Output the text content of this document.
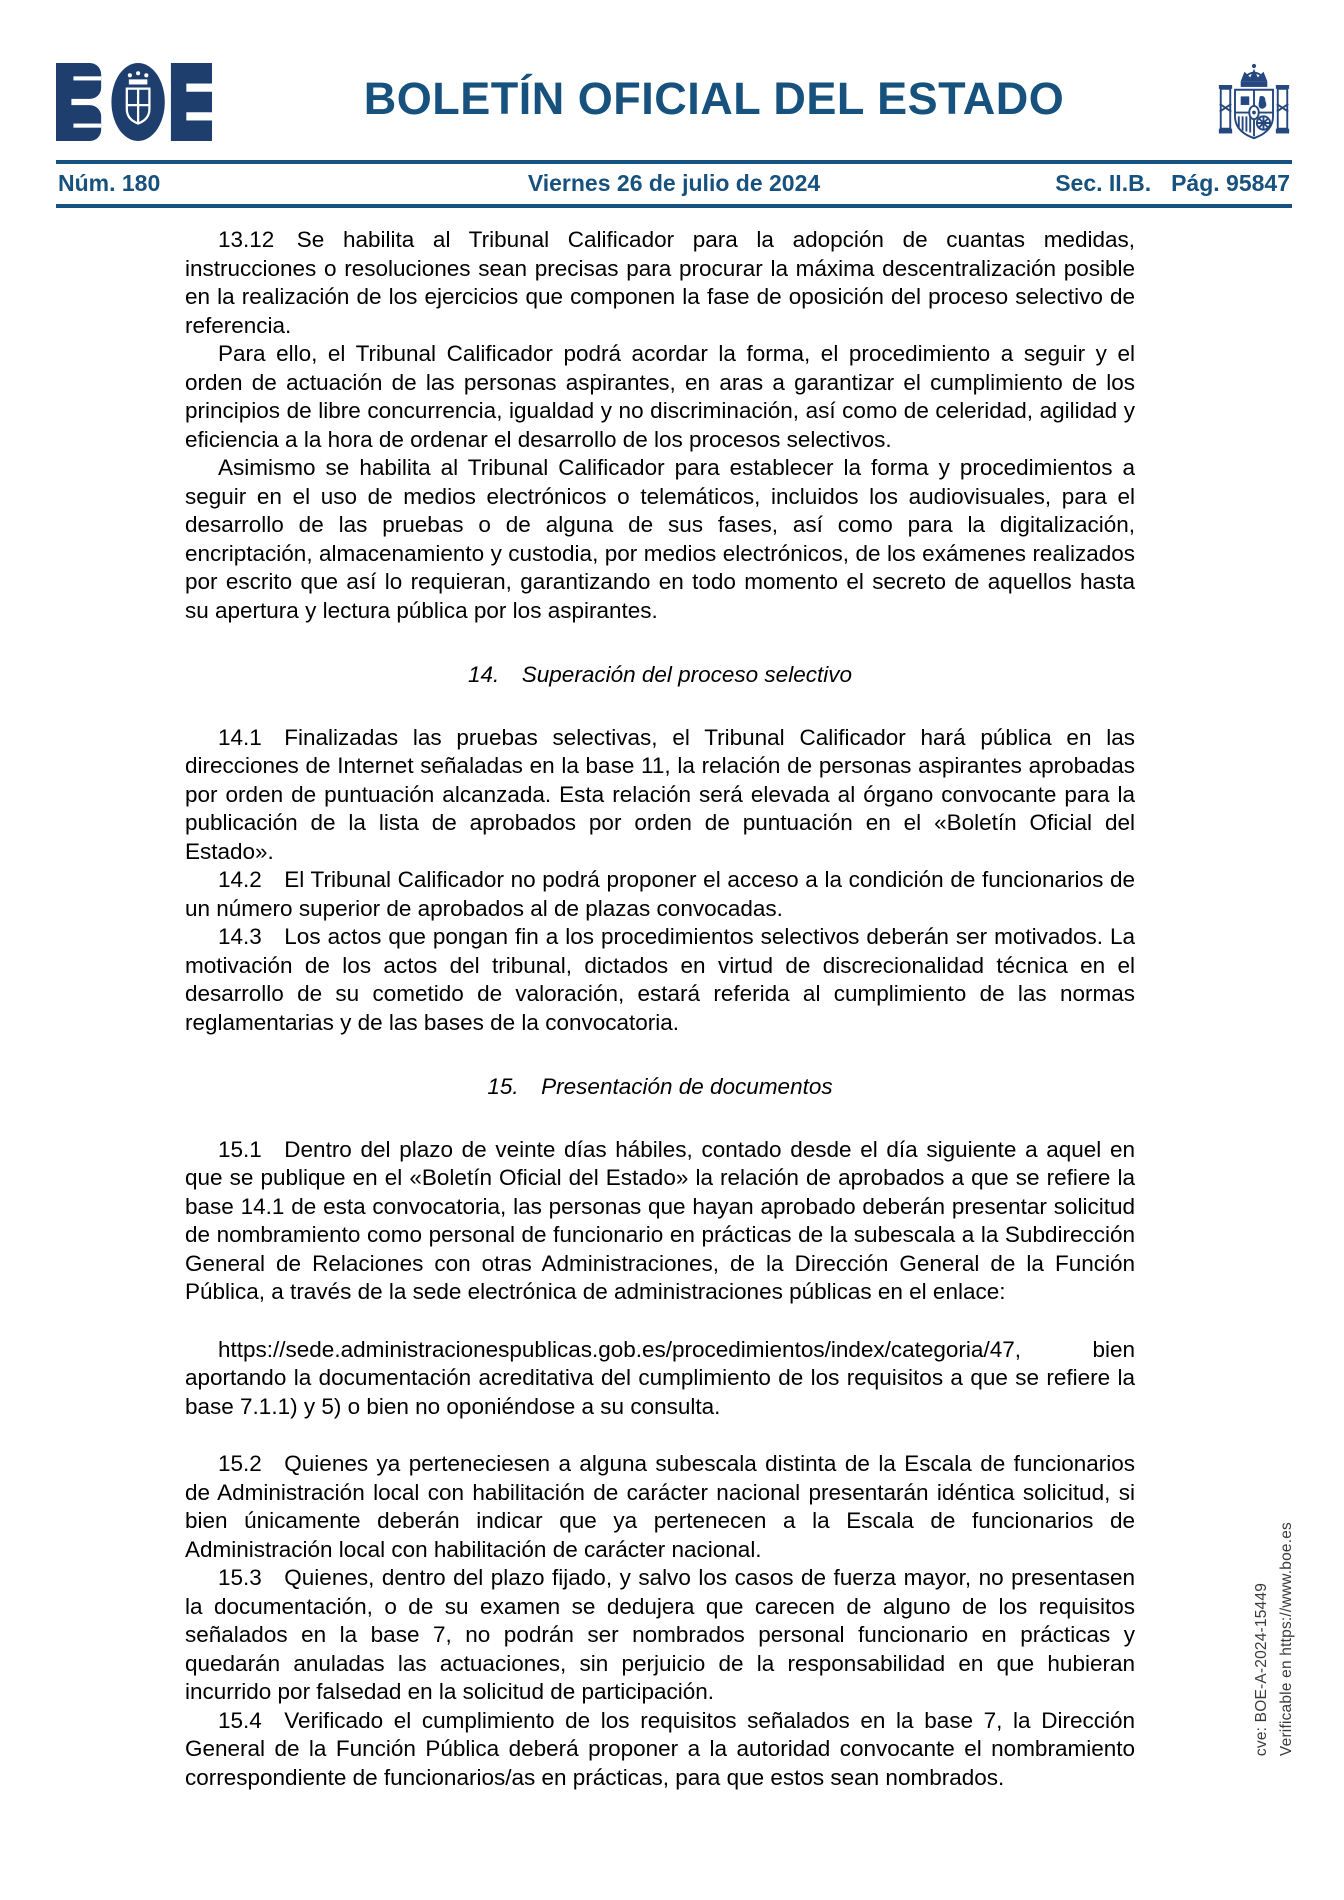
BOLETÍN OFICIAL DEL ESTADO
Núm. 180	Viernes 26 de julio de 2024	Sec. II.B. Pág. 95847

13.12 Se habilita al Tribunal Calificador para la adopción de cuantas medidas, instrucciones o resoluciones sean precisas para procurar la máxima descentralización posible en la realización de los ejercicios que componen la fase de oposición del proceso selectivo de referencia.

Para ello, el Tribunal Calificador podrá acordar la forma, el procedimiento a seguir y el orden de actuación de las personas aspirantes, en aras a garantizar el cumplimiento de los principios de libre concurrencia, igualdad y no discriminación, así como de celeridad, agilidad y eficiencia a la hora de ordenar el desarrollo de los procesos selectivos.

Asimismo se habilita al Tribunal Calificador para establecer la forma y procedimientos a seguir en el uso de medios electrónicos o telemáticos, incluidos los audiovisuales, para el desarrollo de las pruebas o de alguna de sus fases, así como para la digitalización, encriptación, almacenamiento y custodia, por medios electrónicos, de los exámenes realizados por escrito que así lo requieran, garantizando en todo momento el secreto de aquellos hasta su apertura y lectura pública por los aspirantes.

14. Superación del proceso selectivo

14.1 Finalizadas las pruebas selectivas, el Tribunal Calificador hará pública en las direcciones de Internet señaladas en la base 11, la relación de personas aspirantes aprobadas por orden de puntuación alcanzada. Esta relación será elevada al órgano convocante para la publicación de la lista de aprobados por orden de puntuación en el «Boletín Oficial del Estado».

14.2 El Tribunal Calificador no podrá proponer el acceso a la condición de funcionarios de un número superior de aprobados al de plazas convocadas.

14.3 Los actos que pongan fin a los procedimientos selectivos deberán ser motivados. La motivación de los actos del tribunal, dictados en virtud de discrecionalidad técnica en el desarrollo de su cometido de valoración, estará referida al cumplimiento de las normas reglamentarias y de las bases de la convocatoria.

15. Presentación de documentos

15.1 Dentro del plazo de veinte días hábiles, contado desde el día siguiente a aquel en que se publique en el «Boletín Oficial del Estado» la relación de aprobados a que se refiere la base 14.1 de esta convocatoria, las personas que hayan aprobado deberán presentar solicitud de nombramiento como personal de funcionario en prácticas de la subescala a la Subdirección General de Relaciones con otras Administraciones, de la Dirección General de la Función Pública, a través de la sede electrónica de administraciones públicas en el enlace:

https://sede.administracionespublicas.gob.es/procedimientos/index/categoria/47, bien aportando la documentación acreditativa del cumplimiento de los requisitos a que se refiere la base 7.1.1) y 5) o bien no oponiéndose a su consulta.

15.2 Quienes ya perteneciesen a alguna subescala distinta de la Escala de funcionarios de Administración local con habilitación de carácter nacional presentarán idéntica solicitud, si bien únicamente deberán indicar que ya pertenecen a la Escala de funcionarios de Administración local con habilitación de carácter nacional.

15.3 Quienes, dentro del plazo fijado, y salvo los casos de fuerza mayor, no presentasen la documentación, o de su examen se dedujera que carecen de alguno de los requisitos señalados en la base 7, no podrán ser nombrados personal funcionario en prácticas y quedarán anuladas las actuaciones, sin perjuicio de la responsabilidad en que hubieran incurrido por falsedad en la solicitud de participación.

15.4 Verificado el cumplimiento de los requisitos señalados en la base 7, la Dirección General de la Función Pública deberá proponer a la autoridad convocante el nombramiento correspondiente de funcionarios/as en prácticas, para que estos sean nombrados.

cve: BOE-A-2024-15449 Verificable en https://www.boe.es
